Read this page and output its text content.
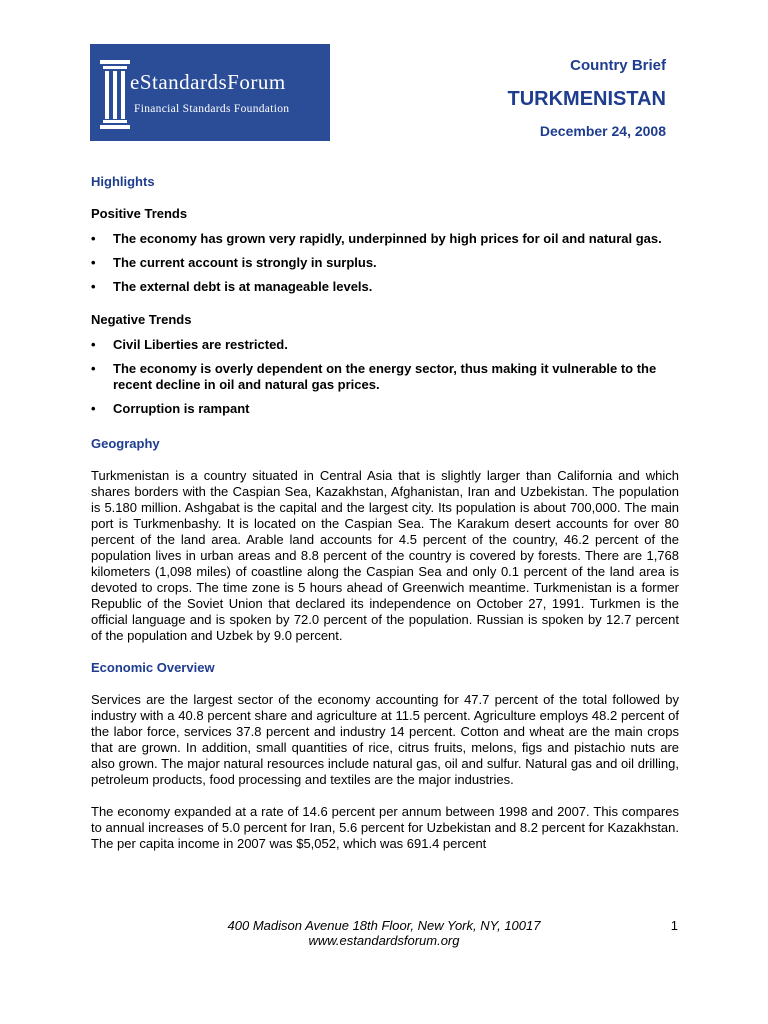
eStandardsForum
Financial Standards Foundation
Country Brief
TURKMENISTAN
December 24, 2008

Highlights

Positive Trends

• The economy has grown very rapidly, underpinned by high prices for oil and natural gas.
• The current account is strongly in surplus.
• The external debt is at manageable levels.

Negative Trends

• Civil Liberties are restricted.
• The economy is overly dependent on the energy sector, thus making it vulnerable to the recent decline in oil and natural gas prices.
• Corruption is rampant

Geography

Turkmenistan is a country situated in Central Asia that is slightly larger than California and which shares borders with the Caspian Sea, Kazakhstan, Afghanistan, Iran and Uzbekistan. The population is 5.180 million. Ashgabat is the capital and the largest city. Its population is about 700,000. The main port is Turkmenbashy. It is located on the Caspian Sea. The Karakum desert accounts for over 80 percent of the land area. Arable land accounts for 4.5 percent of the country, 46.2 percent of the population lives in urban areas and 8.8 percent of the country is covered by forests. There are 1,768 kilometers (1,098 miles) of coastline along the Caspian Sea and only 0.1 percent of the land area is devoted to crops. The time zone is 5 hours ahead of Greenwich meantime. Turkmenistan is a former Republic of the Soviet Union that declared its independence on October 27, 1991. Turkmen is the official language and is spoken by 72.0 percent of the population. Russian is spoken by 12.7 percent of the population and Uzbek by 9.0 percent.

Economic Overview

Services are the largest sector of the economy accounting for 47.7 percent of the total followed by industry with a 40.8 percent share and agriculture at 11.5 percent. Agriculture employs 48.2 percent of the labor force, services 37.8 percent and industry 14 percent. Cotton and wheat are the main crops that are grown. In addition, small quantities of rice, citrus fruits, melons, figs and pistachio nuts are also grown. The major natural resources include natural gas, oil and sulfur. Natural gas and oil drilling, petroleum products, food processing and textiles are the major industries.

The economy expanded at a rate of 14.6 percent per annum between 1998 and 2007. This compares to annual increases of 5.0 percent for Iran, 5.6 percent for Uzbekistan and 8.2 percent for Kazakhstan. The per capita income in 2007 was $5,052, which was 691.4 percent

400 Madison Avenue 18th Floor, New York, NY, 10017
www.estandardsforum.org
1
